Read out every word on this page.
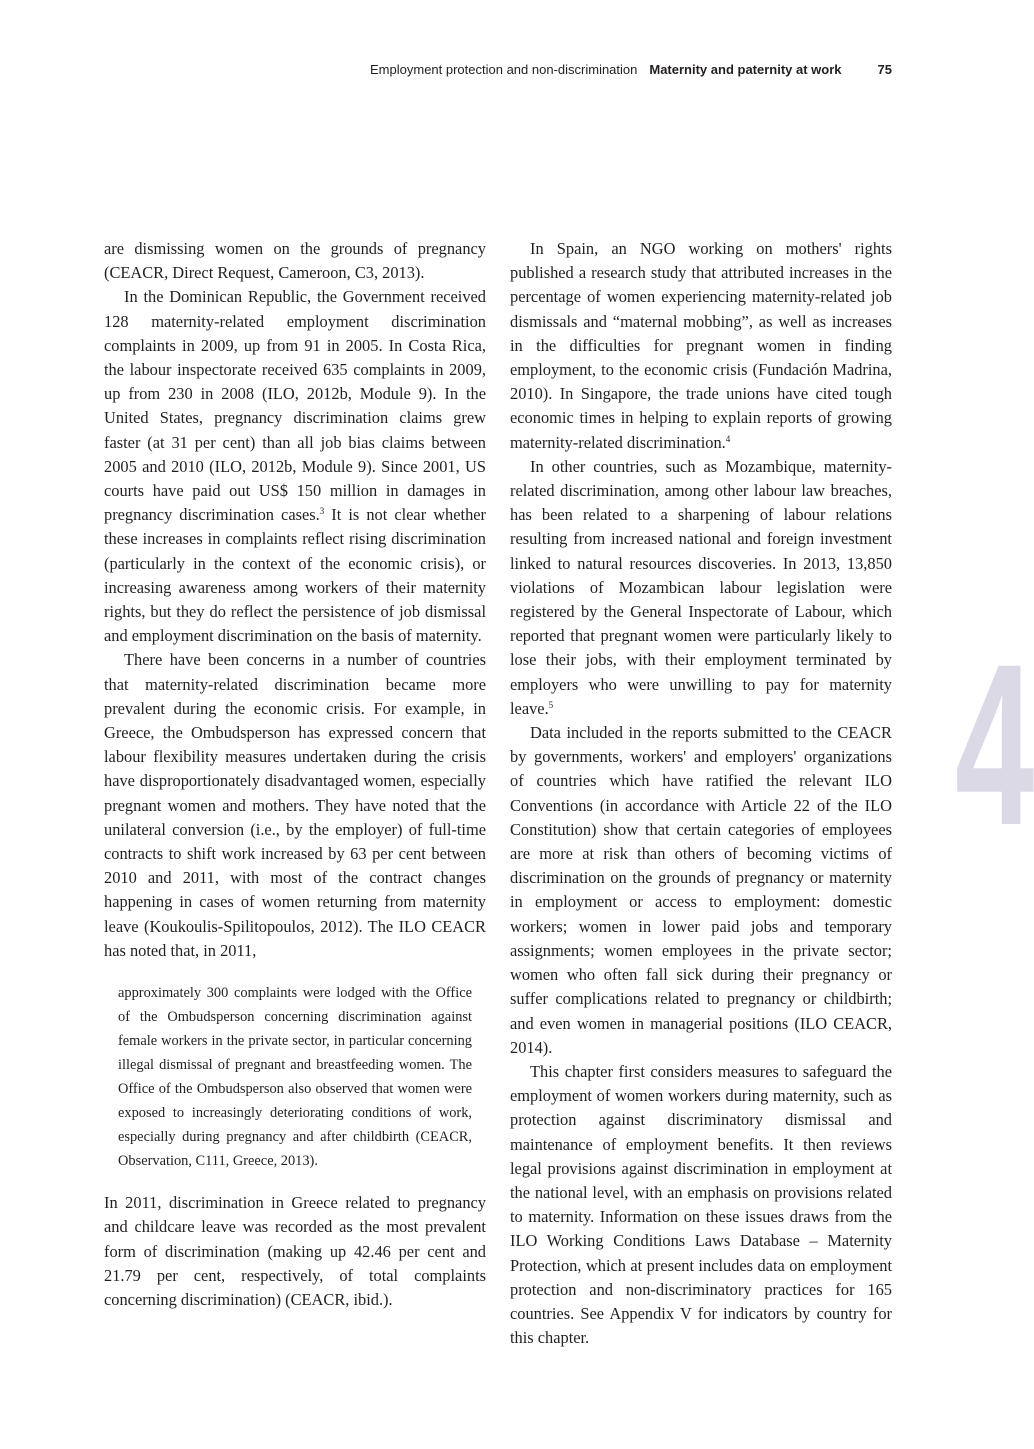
Employment protection and non-discrimination Maternity and paternity at work	75

are dismissing women on the grounds of pregnancy (CEACR, Direct Request, Cameroon, C3, 2013).

In the Dominican Republic, the Government received 128 maternity-related employment discrimination complaints in 2009, up from 91 in 2005. In Costa Rica, the labour inspectorate received 635 complaints in 2009, up from 230 in 2008 (ILO, 2012b, Module 9). In the United States, pregnancy discrimination claims grew faster (at 31 per cent) than all job bias claims between 2005 and 2010 (ILO, 2012b, Module 9). Since 2001, US courts have paid out US$ 150 million in damages in pregnancy discrimination cases.$^3$ It is not clear whether these increases in complaints reflect rising discrimination (particularly in the context of the economic crisis), or increasing awareness among workers of their maternity rights, but they do reflect the persistence of job dismissal and employment discrimination on the basis of maternity.

There have been concerns in a number of countries that maternity-related discrimination became more prevalent during the economic crisis. For example, in Greece, the Ombudsperson has expressed concern that labour flexibility measures undertaken during the crisis have disproportionately disadvantaged women, especially pregnant women and mothers. They have noted that the unilateral conversion (i.e., by the employer) of full-time contracts to shift work increased by 63 per cent between 2010 and 2011, with most of the contract changes happening in cases of women returning from maternity leave (Koukoulis-Spilitopoulos, 2012). The ILO CEACR has noted that, in 2011,

approximately 300 complaints were lodged with the Office of the Ombudsperson concerning discrimination against female workers in the private sector, in particular concerning illegal dismissal of pregnant and breastfeeding women. The Office of the Ombudsperson also observed that women were exposed to increasingly deteriorating conditions of work, especially during pregnancy and after childbirth (CEACR, Observation, C111, Greece, 2013).

In 2011, discrimination in Greece related to pregnancy and childcare leave was recorded as the most prevalent form of discrimination (making up 42.46 per cent and 21.79 per cent, respectively, of total complaints concerning discrimination) (CEACR, ibid.).

In Spain, an NGO working on mothers' rights published a research study that attributed increases in the percentage of women experiencing maternity-related job dismissals and “maternal mobbing”, as well as increases in the difficulties for pregnant women in finding employment, to the economic crisis (Fundación Madrina, 2010). In Singapore, the trade unions have cited tough economic times in helping to explain reports of growing maternity-related discrimination.$^4$

In other countries, such as Mozambique, maternity-related discrimination, among other labour law breaches, has been related to a sharpening of labour relations resulting from increased national and foreign investment linked to natural resources discoveries. In 2013, 13,850 violations of Mozambican labour legislation were registered by the General Inspectorate of Labour, which reported that pregnant women were particularly likely to lose their jobs, with their employment terminated by employers who were unwilling to pay for maternity leave.$^5$

Data included in the reports submitted to the CEACR by governments, workers' and employers' organizations of countries which have ratified the relevant ILO Conventions (in accordance with Article 22 of the ILO Constitution) show that certain categories of employees are more at risk than others of becoming victims of discrimination on the grounds of pregnancy or maternity in employment or access to employment: domestic workers; women in lower paid jobs and temporary assignments; women employees in the private sector; women who often fall sick during their pregnancy or suffer complications related to pregnancy or childbirth; and even women in managerial positions (ILO CEACR, 2014).

This chapter first considers measures to safeguard the employment of women workers during maternity, such as protection against discriminatory dismissal and maintenance of employment benefits. It then reviews legal provisions against discrimination in employment at the national level, with an emphasis on provisions related to maternity. Information on these issues draws from the ILO Working Conditions Laws Database – Maternity Protection, which at present includes data on employment protection and non-discriminatory practices for 165 countries. See Appendix V for indicators by country for this chapter.

4
